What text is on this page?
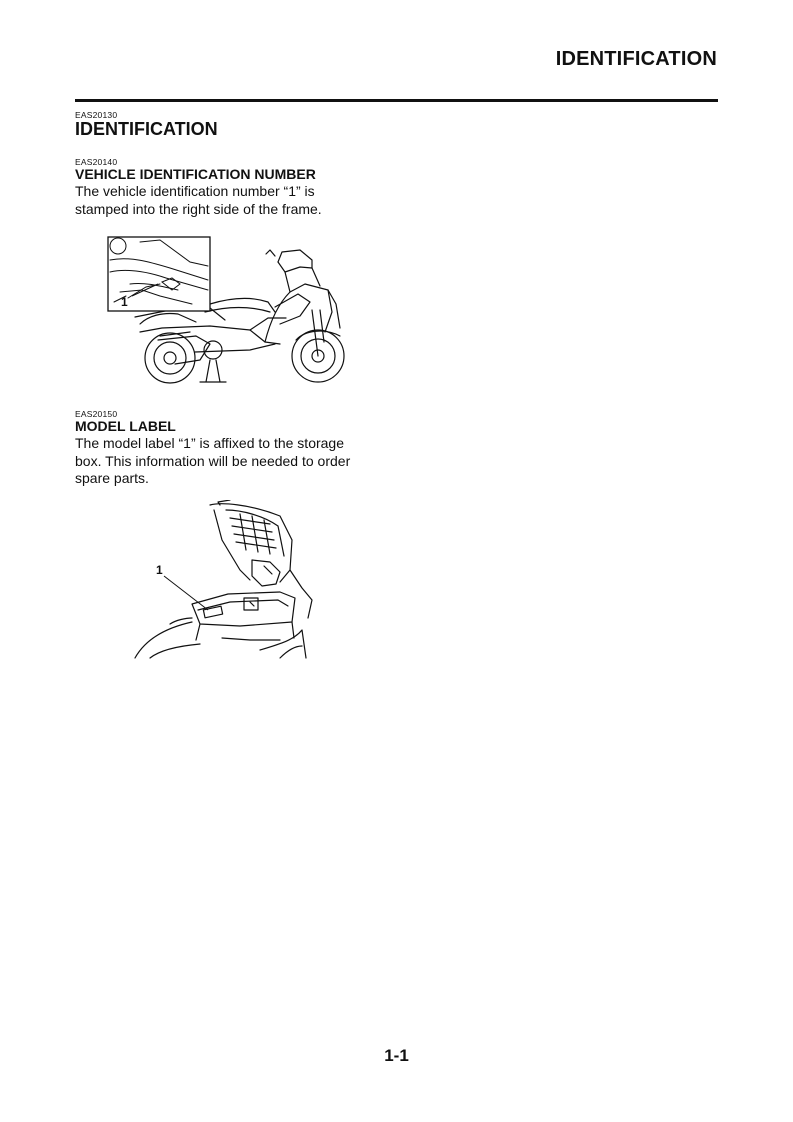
IDENTIFICATION
EAS20130
IDENTIFICATION
EAS20140
VEHICLE IDENTIFICATION NUMBER
The vehicle identification number “1” is
stamped into the right side of the frame.
1
EAS20150
MODEL LABEL
The model label “1” is affixed to the storage
box. This information will be needed to order
spare parts.
1
1-1
